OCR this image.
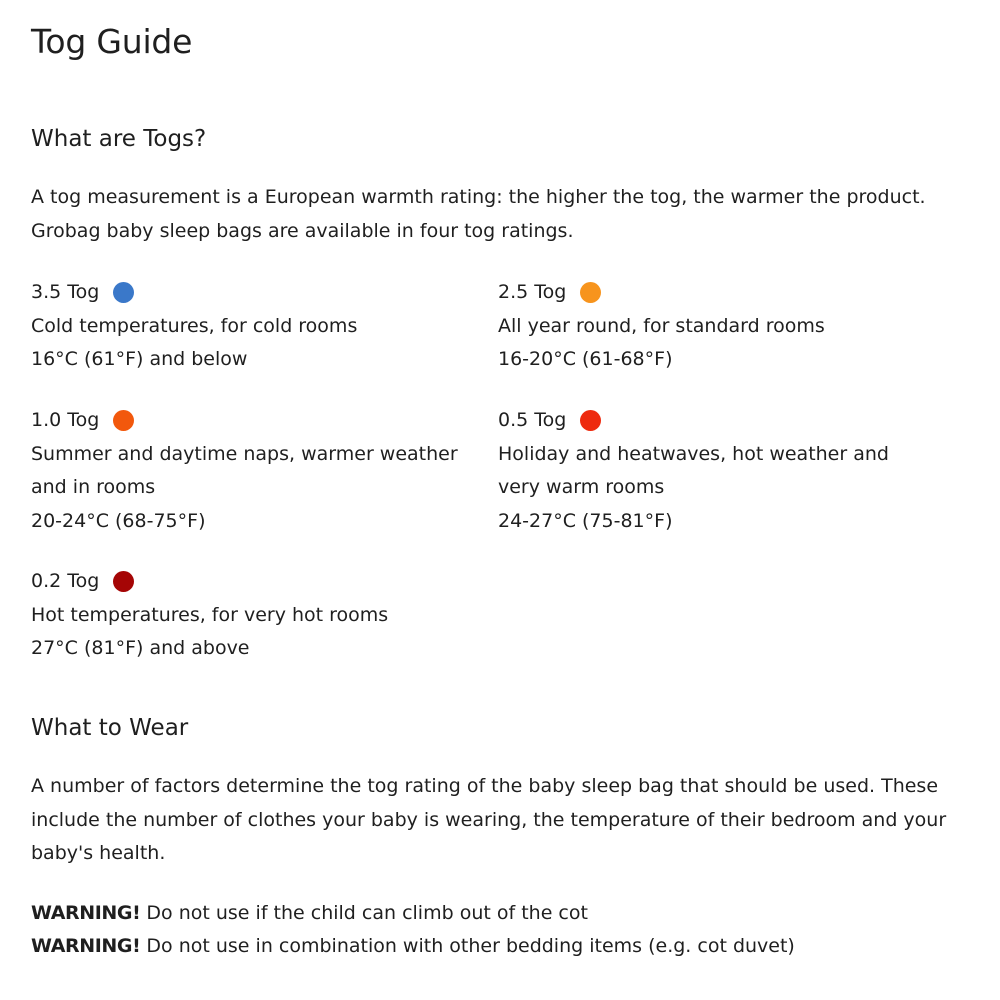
Tog Guide
What are Togs?

A tog measurement is a European warmth rating: the higher the tog, the warmer the product. Grobag baby sleep bags are available in four tog ratings.

3.5 Tog
Cold temperatures, for cold rooms
16°C (61°F) and below
2.5 Tog
All year round, for standard rooms
16-20°C (61-68°F)
1.0 Tog
Summer and daytime naps, warmer weather and in rooms
20-24°C (68-75°F)
0.5 Tog
Holiday and heatwaves, hot weather and very warm rooms
24-27°C (75-81°F)
0.2 Tog
Hot temperatures, for very hot rooms
27°C (81°F) and above
What to Wear

A number of factors determine the tog rating of the baby sleep bag that should be used. These include the number of clothes your baby is wearing, the temperature of their bedroom and your baby's health.

WARNING! Do not use if the child can climb out of the cot
WARNING! Do not use in combination with other bedding items (e.g. cot duvet)
